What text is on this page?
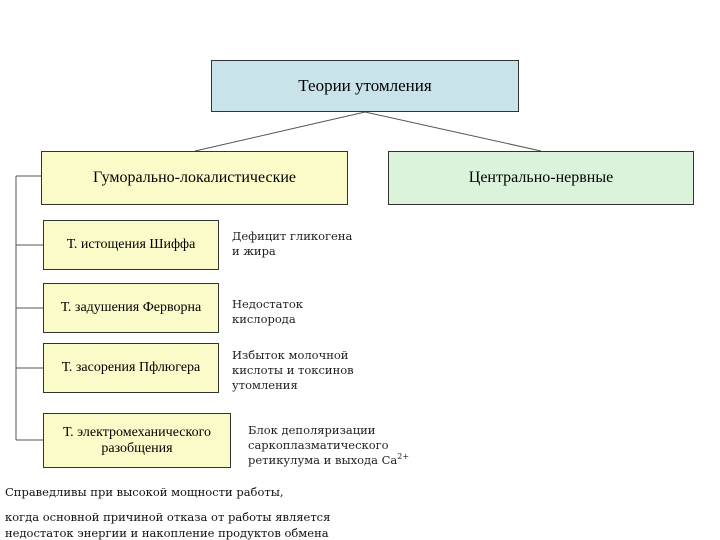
Теории утомления
Гуморально-локалистические	Центрально-нервные
Т. истощения Шиффа
Дефицит гликогена
и жира
Т. задушения Ферворна	Недостаток
кислорода
Т. засорения Пфлюгера
Избыток молочной
кислоты и токсинов
утомления
Т. электромеханического
разобщения
Блок деполяризации
саркоплазматического
ретикулума и выхода $Са^{2+}$
Справедливы при высокой мощности работы,
когда основной причиной отказа от работы является
недостаток энергии и накопление продуктов обмена
